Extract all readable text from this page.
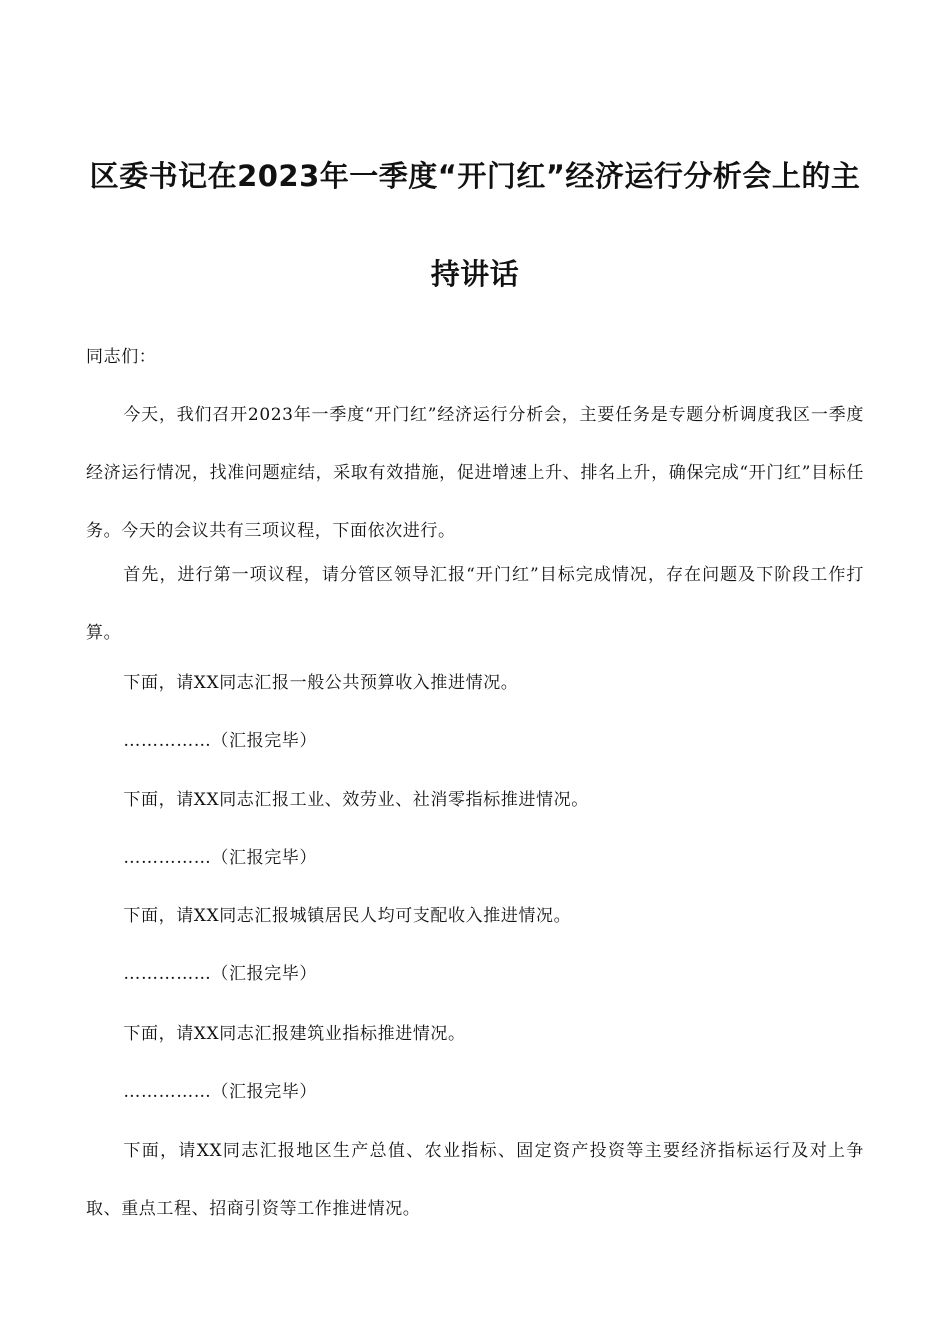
区委书记在2023年一季度“开门红”经济运行分析会上的主
持讲话

同志们：

今天，我们召开2023年一季度“开门红”经济运行分析会，主要任务是专题分析调度我区一季度经济运行情况，找准问题症结，采取有效措施，促进增速上升、排名上升，确保完成“开门红”目标任务。今天的会议共有三项议程，下面依次进行。

首先，进行第一项议程，请分管区领导汇报“开门红”目标完成情况，存在问题及下阶段工作打算。

下面，请XX同志汇报一般公共预算收入推进情况。

……………（汇报完毕）

下面，请XX同志汇报工业、效劳业、社消零指标推进情况。

……………（汇报完毕）

下面，请XX同志汇报城镇居民人均可支配收入推进情况。

……………（汇报完毕）

下面，请XX同志汇报建筑业指标推进情况。

……………（汇报完毕）

下面，请XX同志汇报地区生产总值、农业指标、固定资产投资等主要经济指标运行及对上争取、重点工程、招商引资等工作推进情况。
